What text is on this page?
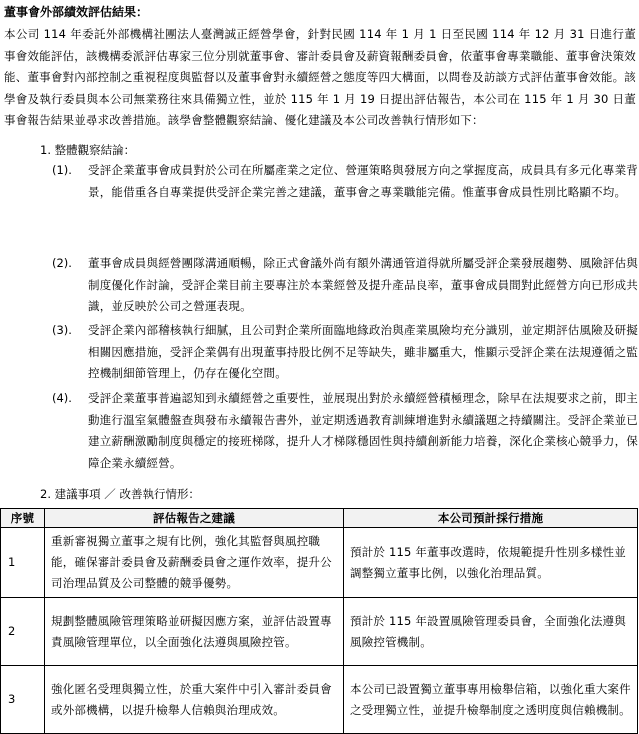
董事會外部績效評估結果：
本公司 114 年委託外部機構社團法人臺灣誠正經營學會，針對民國 114 年 1 月 1 日至民國 114 年 12 月 31 日進行董事會效能評估，該機構委派評估專家三位分別就董事會、審計委員會及薪資報酬委員會，依董事會專業職能、董事會決策效能、董事會對內部控制之重視程度與監督以及董事會對永續經營之態度等四大構面，以問卷及訪談方式評估董事會效能。該學會及執行委員與本公司無業務往來具備獨立性，並於 115 年 1 月 19 日提出評估報告，本公司在 115 年 1 月 30 日董事會報告結果並尋求改善措施。該學會整體觀察結論、優化建議及本公司改善執行情形如下：
1. 整體觀察結論：
(1).	受評企業董事會成員對於公司在所屬產業之定位、營運策略與發展方向之掌握度高，成員具有多元化專業背景，能借重各自專業提供受評企業完善之建議，董事會之專業職能完備。惟董事會成員性別比略顯不均。
(2).	董事會成員與經營團隊溝通順暢，除正式會議外尚有額外溝通管道得就所屬受評企業發展趨勢、風險評估與制度優化作討論，受評企業目前主要專注於本業經營及提升產品良率，董事會成員間對此經營方向已形成共識，並反映於公司之營運表現。
(3).	受評企業內部稽核執行細膩，且公司對企業所面臨地緣政治與產業風險均充分識別，並定期評估風險及研擬相關因應措施，受評企業偶有出現董事持股比例不足等缺失，雖非屬重大，惟顯示受評企業在法規遵循之監控機制細節管理上，仍存在優化空間。
(4).	受評企業董事普遍認知到永續經營之重要性，並展現出對於永續經營積極理念，除早在法規要求之前，即主動進行溫室氣體盤查與發布永續報告書外，並定期透過教育訓練增進對永續議題之持續關注。受評企業並已建立薪酬激勵制度與穩定的接班梯隊，提升人才梯隊穩固性與持續創新能力培養，深化企業核心競爭力，保障企業永續經營。
2. 建議事項 ／ 改善執行情形：
序號	評估報告之建議	本公司預計採行措施
1	重新審視獨立董事之規有比例，強化其監督與風控職能，確保審計委員會及薪酬委員會之運作效率，提升公司治理品質及公司整體的競爭優勢。	預計於 115 年董事改選時，依規範提升性別多樣性並調整獨立董事比例，以強化治理品質。
2	規劃整體風險管理策略並研擬因應方案，並評估設置專責風險管理單位，以全面強化法遵與風險控管。	預計於 115 年設置風險管理委員會，全面強化法遵與風險控管機制。
3	強化匿名受理與獨立性，於重大案件中引入審計委員會或外部機構，以提升檢舉人信賴與治理成效。	本公司已設置獨立董事專用檢舉信箱，以強化重大案件之受理獨立性，並提升檢舉制度之透明度與信賴機制。
